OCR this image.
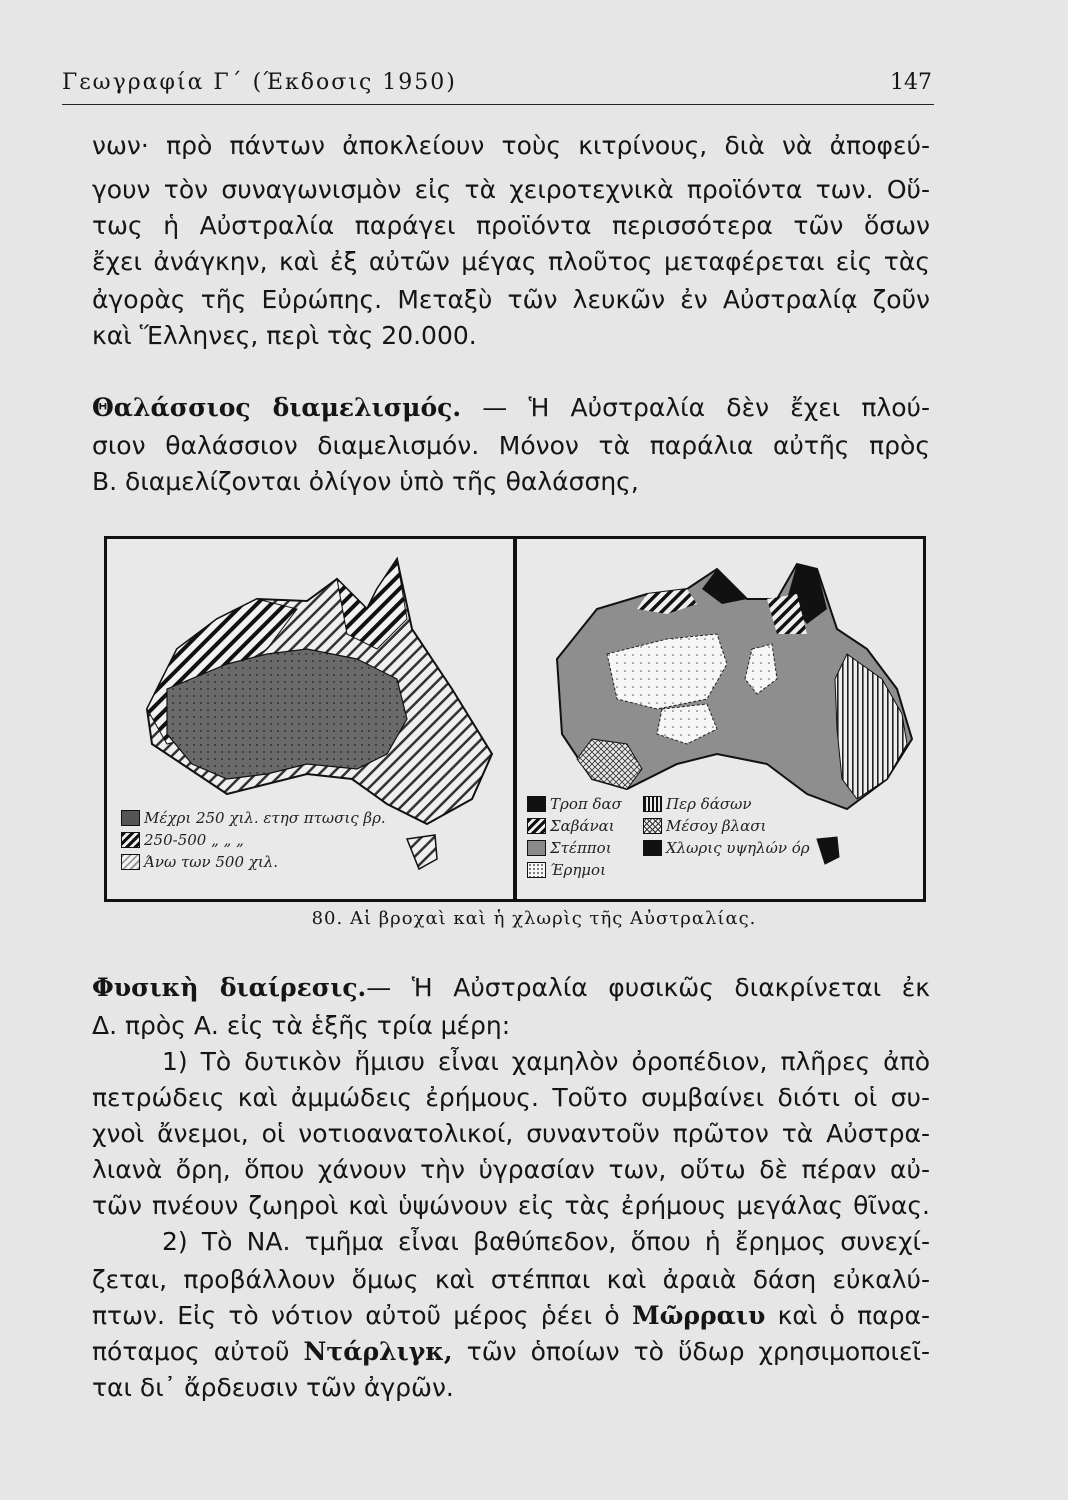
Γεωγραφία Γ΄ (Έκδοσις 1950)	147
νων· πρὸ πάντων ἀποκλείουν τοὺς κιτρίνους, διὰ νὰ ἀποφεύ-
γουν τὸν συναγωνισμὸν εἰς τὰ χειροτεχνικὰ προϊόντα των. Οὕ-
τως ἡ Αὐστραλία παράγει προϊόντα περισσότερα τῶν ὅσων
ἔχει ἀνάγκην, καὶ ἐξ αὐτῶν μέγας πλοῦτος μεταφέρεται εἰς τὰς
ἀγορὰς τῆς Εὐρώπης. Μεταξὺ τῶν λευκῶν ἐν Αὐστραλίᾳ ζοῦν
καὶ Ἕλληνες, περὶ τὰς 20.000.
Θαλάσσιος διαμελισμός. — Ἡ Αὐστραλία δὲν ἔχει πλού-
σιον θαλάσσιον διαμελισμόν. Μόνον τὰ παράλια αὐτῆς πρὸς
Β. διαμελίζονται ὀλίγον ὑπὸ τῆς θαλάσσης,
Μέχρι 250 χιλ. ετησ πτωσις βρ.
250-500 „ „ „
Άνω των 500 χιλ.
Τροπ δασ
Σαβάναι
Στέπποι
Έρημοι
Περ δάσων
Μέσοy βλασι
Χλωρις υψηλών όρ
80. Αἱ βροχαὶ καὶ ἡ χλωρὶς τῆς Αὐστραλίας.
Φυσικὴ διαίρεσις.— Ἡ Αὐστραλία φυσικῶς διακρίνεται ἐκ
Δ. πρὸς Α. εἰς τὰ ἑξῆς τρία μέρη:
1) Τὸ δυτικὸν ἥμισυ εἶναι χαμηλὸν ὀροπέδιον, πλῆρες ἀπὸ
πετρώδεις καὶ ἀμμώδεις ἐρήμους. Τοῦτο συμβαίνει διότι οἱ συ-
χνοὶ ἄνεμοι, οἱ νοτιοανατολικοί, συναντοῦν πρῶτον τὰ Αὐστρα-
λιανὰ ὄρη, ὅπου χάνουν τὴν ὑγρασίαν των, οὕτω δὲ πέραν αὐ-
τῶν πνέουν ζωηροὶ καὶ ὑψώνουν εἰς τὰς ἐρήμους μεγάλας θῖνας.
2) Τὸ ΝΑ. τμῆμα εἶναι βαθύπεδον, ὅπου ἡ ἔρημος συνεχί-
ζεται, προβάλλουν ὅμως καὶ στέππαι καὶ ἀραιὰ δάση εὐκαλύ-
πτων. Εἰς τὸ νότιον αὐτοῦ μέρος ῥέει ὁ Μῶρραιυ καὶ ὁ παρα-
πόταμος αὐτοῦ Ντάρλιγκ, τῶν ὁποίων τὸ ὕδωρ χρησιμοποιεῖ-
ται δι᾽ ἄρδευσιν τῶν ἀγρῶν.
